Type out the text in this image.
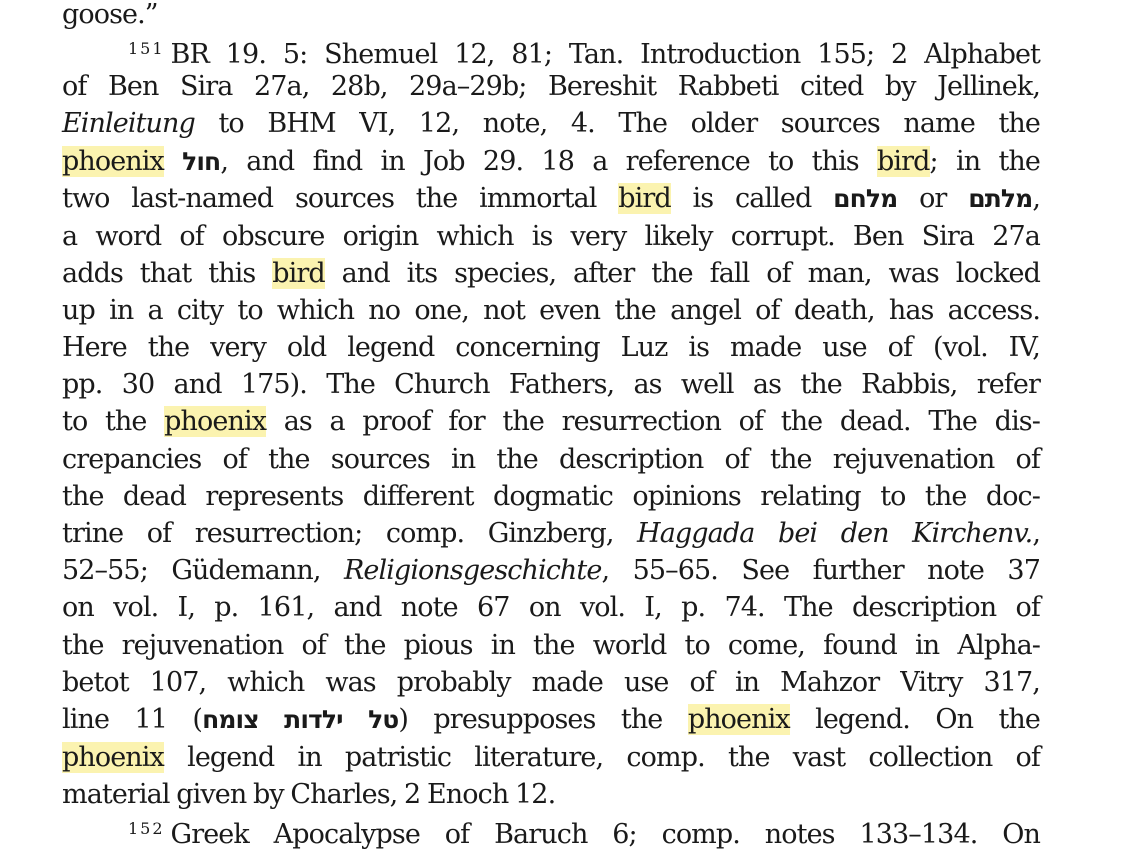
goose.”
$^{151}$ BR 19. 5: Shemuel 12, 81; Tan. Introduction 155; 2 Alphabet
of Ben Sira 27a, 28b, 29a–29b; Bereshit Rabbeti cited by Jellinek,
Einleitung to BHM VI, 12, note, 4. The older sources name the
phoenix חול, and find in Job 29. 18 a reference to this bird; in the
two last-named sources the immortal bird is called מלחם or מלתם,
a word of obscure origin which is very likely corrupt. Ben Sira 27a
adds that this bird and its species, after the fall of man, was locked
up in a city to which no one, not even the angel of death, has access.
Here the very old legend concerning Luz is made use of (vol. IV,
pp. 30 and 175). The Church Fathers, as well as the Rabbis, refer
to the phoenix as a proof for the resurrection of the dead. The dis-
crepancies of the sources in the description of the rejuvenation of
the dead represents different dogmatic opinions relating to the doc-
trine of resurrection; comp. Ginzberg, Haggada bei den Kirchenv.,
52–55; Güdemann, Religionsgeschichte, 55–65. See further note 37
on vol. I, p. 161, and note 67 on vol. I, p. 74. The description of
the rejuvenation of the pious in the world to come, found in Alpha-
betot 107, which was probably made use of in Mahzor Vitry 317,
line 11 (טל ילדות צומח) presupposes the phoenix legend. On the
phoenix legend in patristic literature, comp. the vast collection of
material given by Charles, 2 Enoch 12.
$^{152}$ Greek Apocalypse of Baruch 6; comp. notes 133–134. On
